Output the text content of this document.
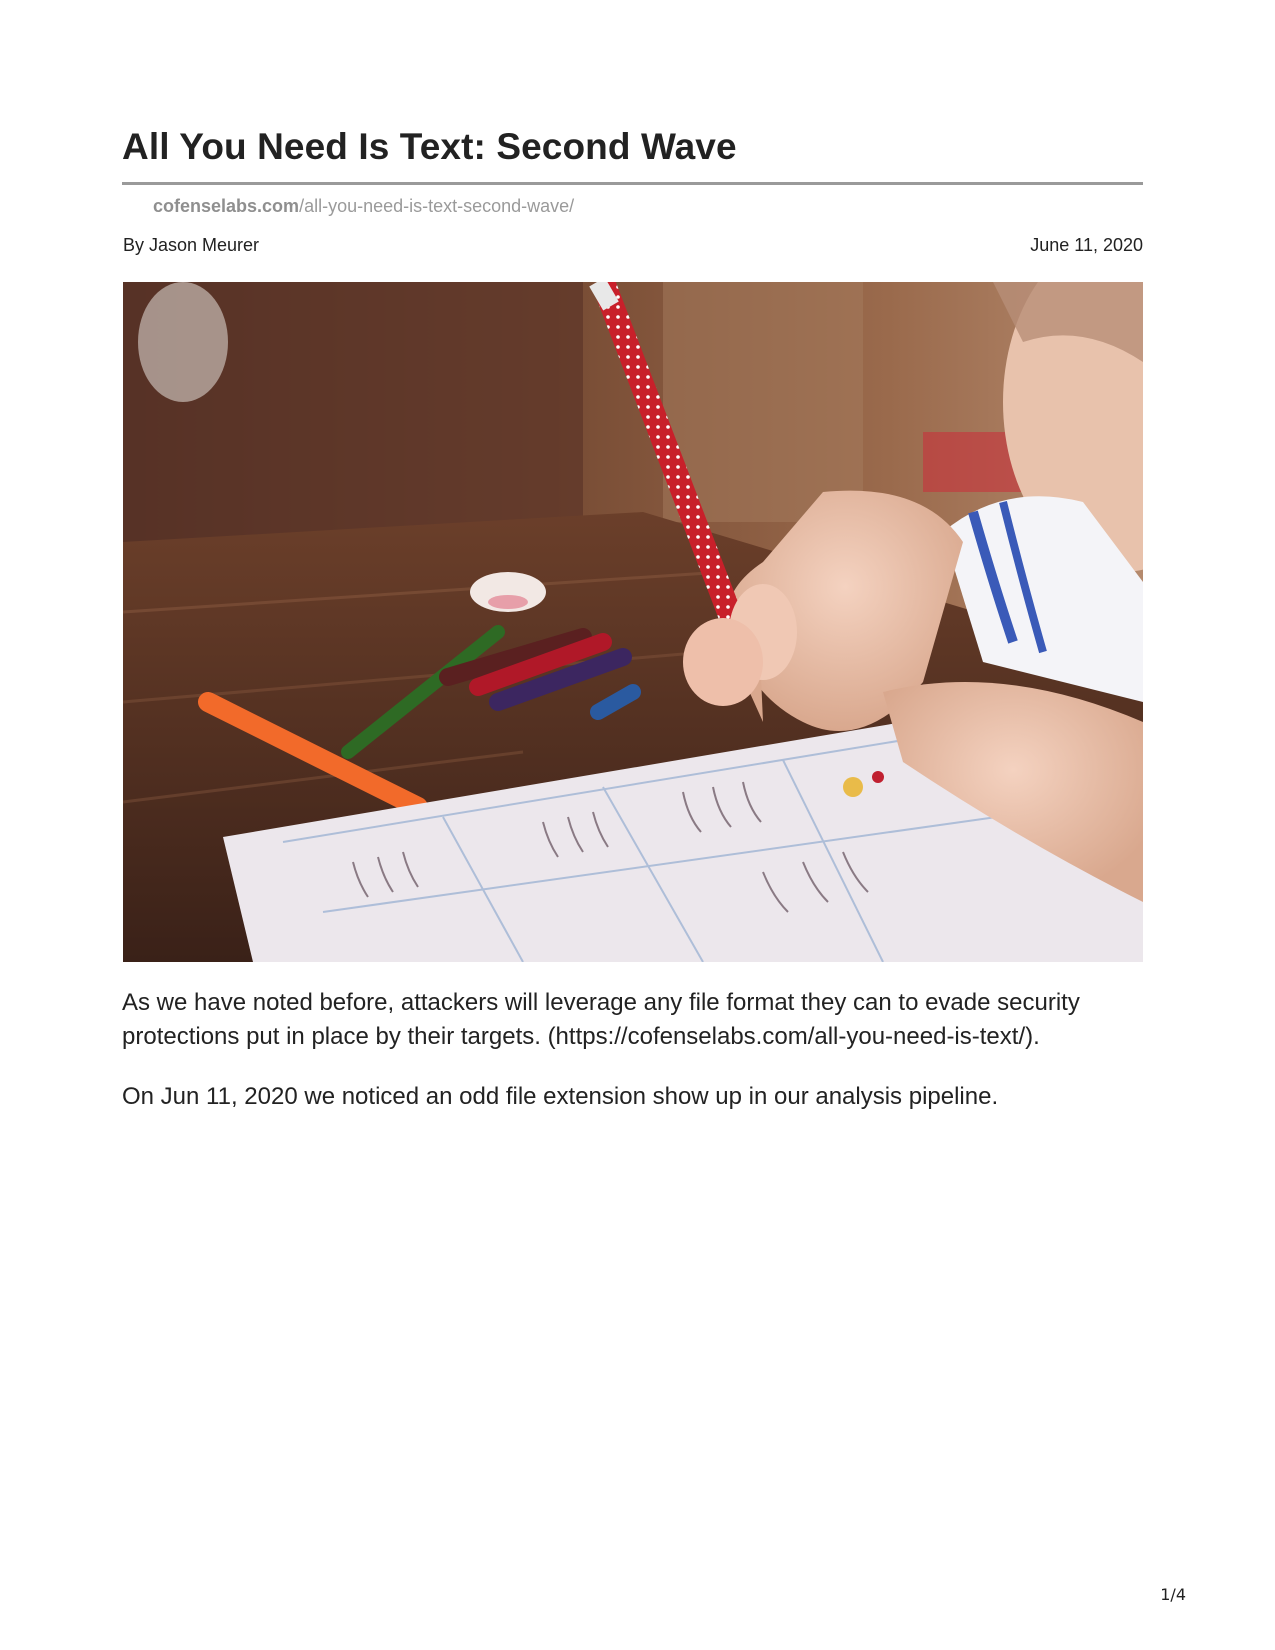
All You Need Is Text: Second Wave
cofenselabs.com/all-you-need-is-text-second-wave/
By Jason Meurer	June 11, 2020

As we have noted before, attackers will leverage any file format they can to evade security protections put in place by their targets. (https://cofenselabs.com/all-you-need-is-text/).

On Jun 11, 2020 we noticed an odd file extension show up in our analysis pipeline.

1/4
